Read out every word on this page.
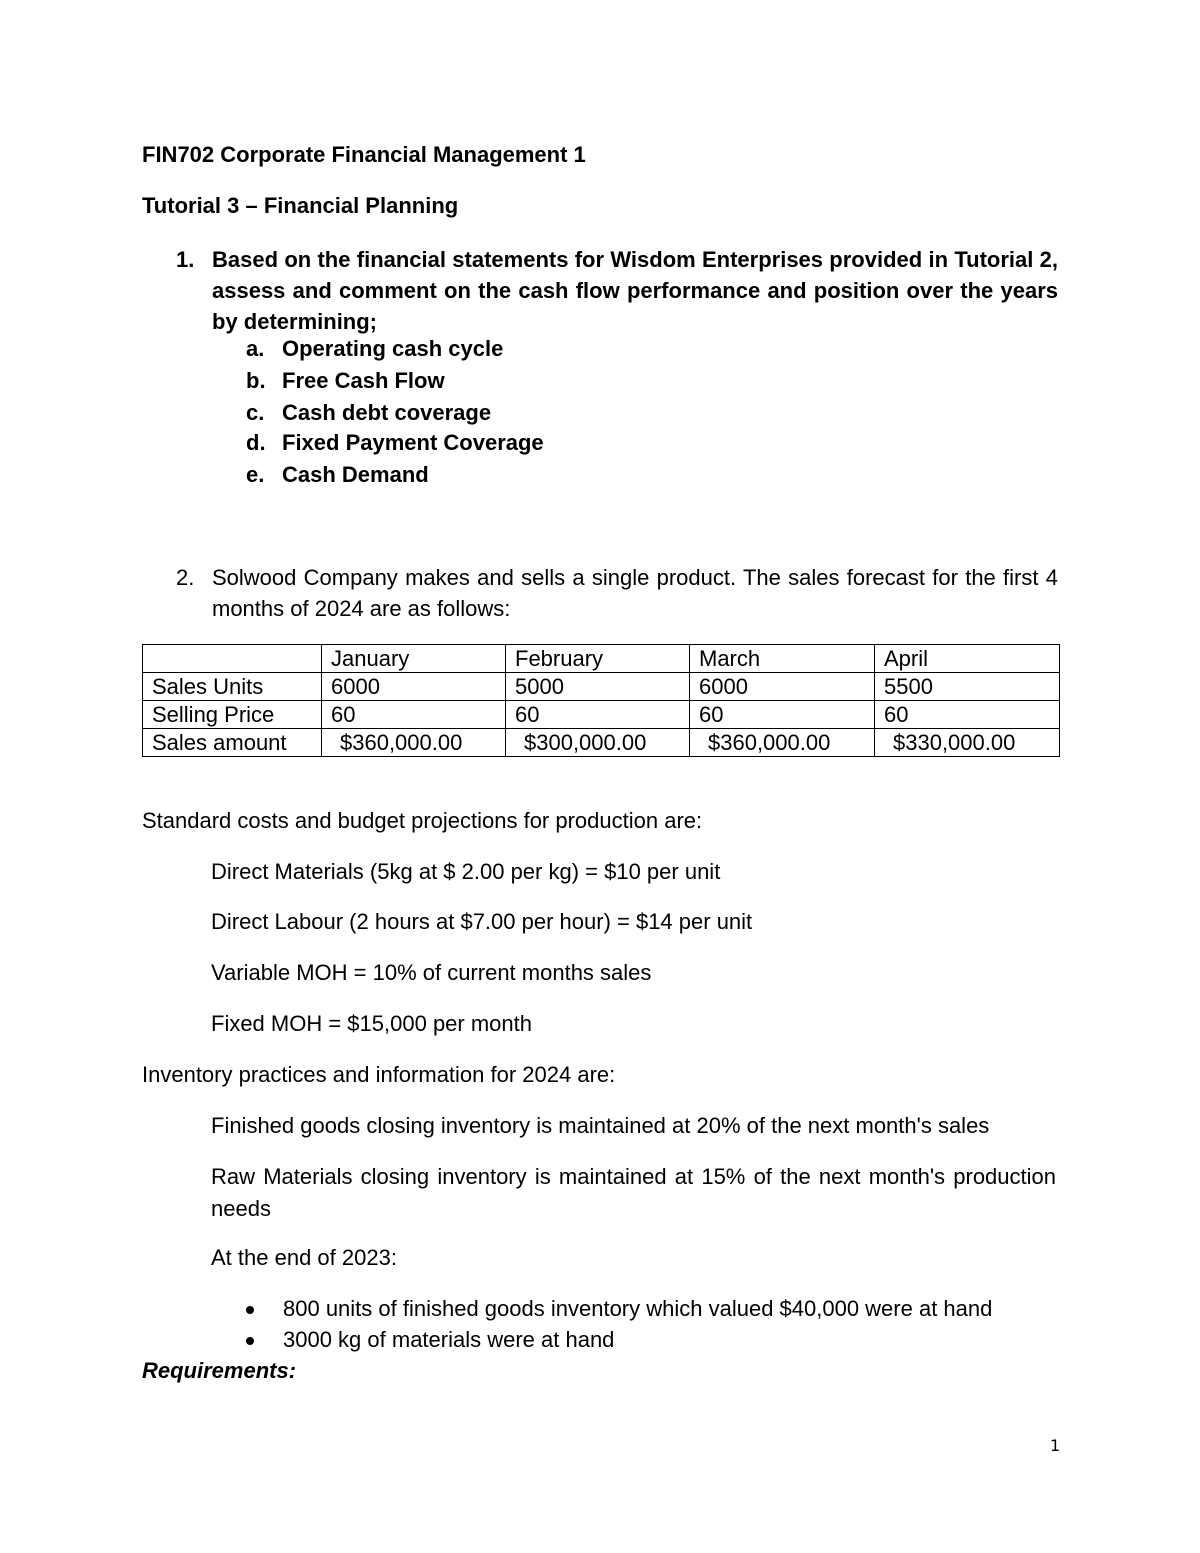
FIN702 Corporate Financial Management 1

Tutorial 3 – Financial Planning

1. Based on the financial statements for Wisdom Enterprises provided in Tutorial 2, assess and comment on the cash flow performance and position over the years by determining;
a. Operating cash cycle
b. Free Cash Flow
c. Cash debt coverage
d. Fixed Payment Coverage
e. Cash Demand
2. Solwood Company makes and sells a single product. The sales forecast for the first 4 months of 2024 are as follows:
	January	February	March	April
Sales Units	6000	5000	6000	5500
Selling Price	60	60	60	60
Sales amount	$360,000.00	$300,000.00	$360,000.00	$330,000.00
Standard costs and budget projections for production are:
Direct Materials (5kg at $ 2.00 per kg) = $10 per unit
Direct Labour (2 hours at $7.00 per hour) = $14 per unit
Variable MOH = 10% of current months sales
Fixed MOH = $15,000 per month
Inventory practices and information for 2024 are:
Finished goods closing inventory is maintained at 20% of the next month's sales
Raw Materials closing inventory is maintained at 15% of the next month's production needs
At the end of 2023:
800 units of finished goods inventory which valued $40,000 were at hand
3000 kg of materials were at hand

Requirements:

1
